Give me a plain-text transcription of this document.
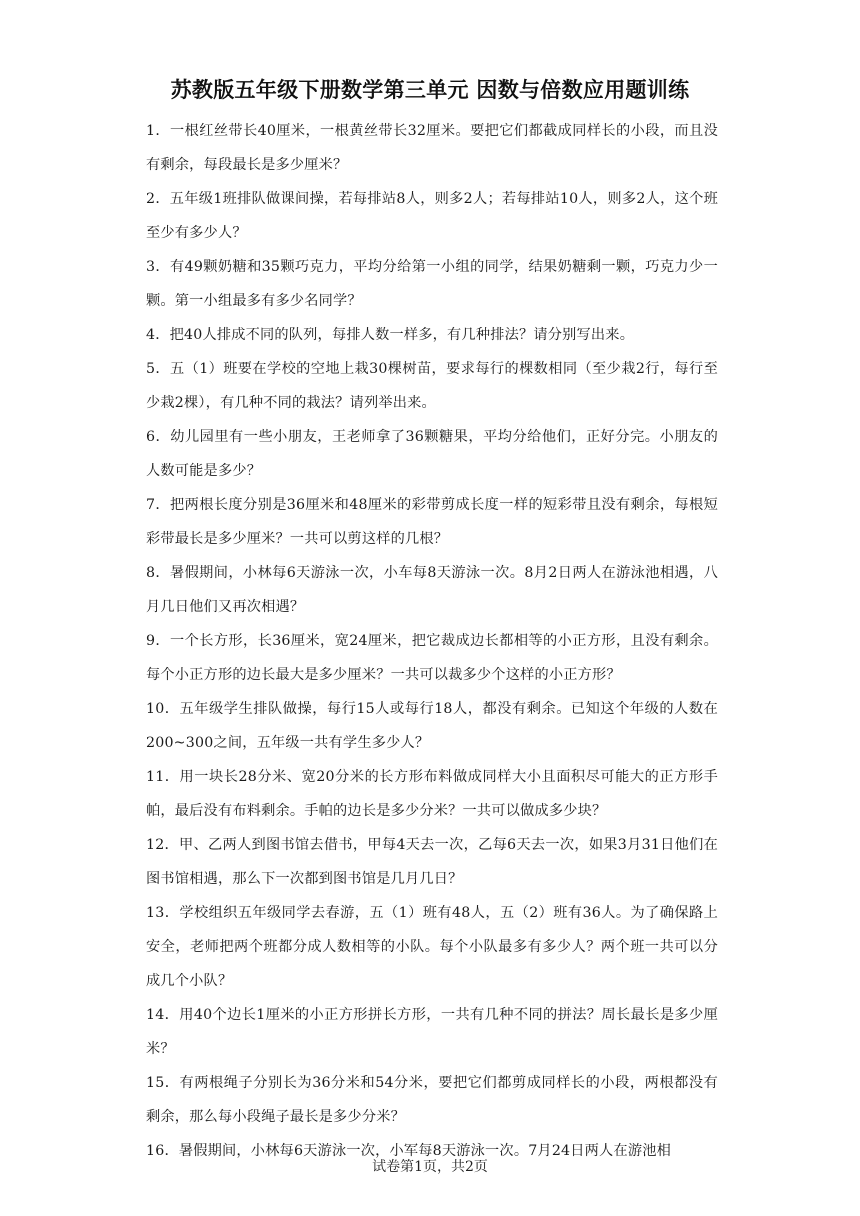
苏教版五年级下册数学第三单元 因数与倍数应用题训练

1．一根红丝带长40厘米，一根黄丝带长32厘米。要把它们都截成同样长的小段，而且没有剩余，每段最长是多少厘米？

2．五年级1班排队做课间操，若每排站8人，则多2人；若每排站10人，则多2人，这个班至少有多少人？

3．有49颗奶糖和35颗巧克力，平均分给第一小组的同学，结果奶糖剩一颗，巧克力少一颗。第一小组最多有多少名同学？

4．把40人排成不同的队列，每排人数一样多，有几种排法？请分别写出来。

5．五（1）班要在学校的空地上栽30棵树苗，要求每行的棵数相同（至少栽2行，每行至少栽2棵），有几种不同的栽法？请列举出来。

6．幼儿园里有一些小朋友，王老师拿了36颗糖果，平均分给他们，正好分完。小朋友的人数可能是多少？

7．把两根长度分别是36厘米和48厘米的彩带剪成长度一样的短彩带且没有剩余，每根短彩带最长是多少厘米？一共可以剪这样的几根？

8．暑假期间，小林每6天游泳一次，小车每8天游泳一次。8月2日两人在游泳池相遇，八月几日他们又再次相遇？

9．一个长方形，长36厘米，宽24厘米，把它裁成边长都相等的小正方形，且没有剩余。每个小正方形的边长最大是多少厘米？一共可以裁多少个这样的小正方形？

10．五年级学生排队做操，每行15人或每行18人，都没有剩余。已知这个年级的人数在200~300之间，五年级一共有学生多少人？

11．用一块长28分米、宽20分米的长方形布料做成同样大小且面积尽可能大的正方形手帕，最后没有布料剩余。手帕的边长是多少分米？一共可以做成多少块？

12．甲、乙两人到图书馆去借书，甲每4天去一次，乙每6天去一次，如果3月31日他们在图书馆相遇，那么下一次都到图书馆是几月几日？

13．学校组织五年级同学去春游，五（1）班有48人，五（2）班有36人。为了确保路上安全，老师把两个班都分成人数相等的小队。每个小队最多有多少人？两个班一共可以分成几个小队？

14．用40个边长1厘米的小正方形拼长方形，一共有几种不同的拼法？周长最长是多少厘米？

15．有两根绳子分别长为36分米和54分米，要把它们都剪成同样长的小段，两根都没有剩余，那么每小段绳子最长是多少分米？

16．暑假期间，小林每6天游泳一次，小军每8天游泳一次。7月24日两人在游池相

试卷第1页，共2页
